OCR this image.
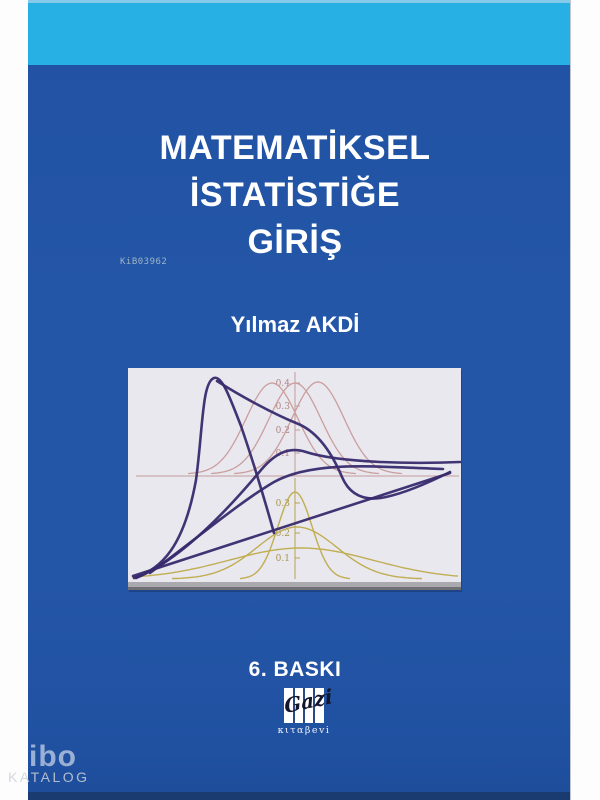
MATEMATİKSEL
İSTATİSTİĞE
GİRİŞ
KiB03962
Yılmaz AKDİ
0.4
0.3
0.2
0.1
0.3
0.2
0.1
6. BASKI
Gazi
κιταβevi
ibo
KATALOG
